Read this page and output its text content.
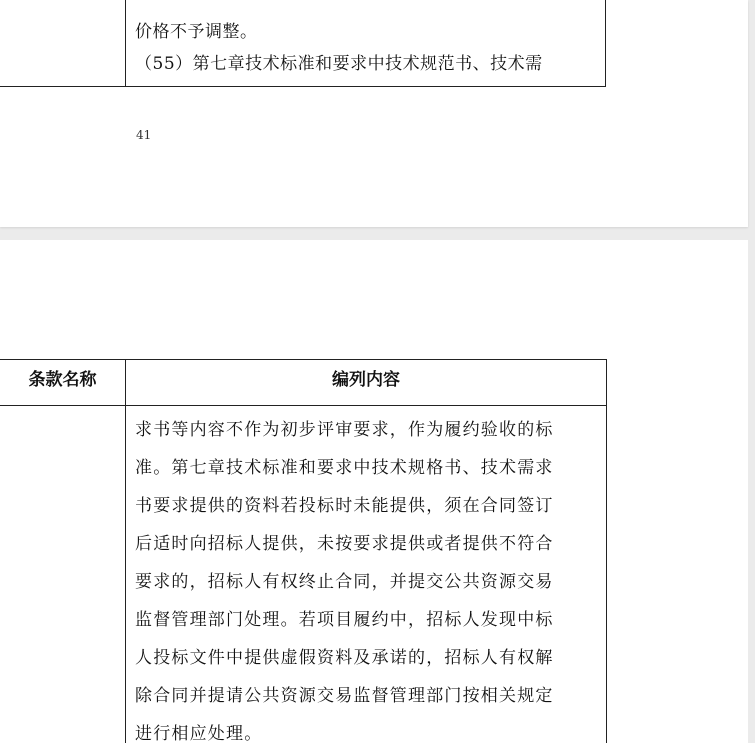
价格不予调整。
（55）第七章技术标准和要求中技术规范书、技术需
41
条款名称	编列内容
求书等内容不作为初步评审要求，作为履约验收的标
准。第七章技术标准和要求中技术规格书、技术需求
书要求提供的资料若投标时未能提供，须在合同签订
后适时向招标人提供，未按要求提供或者提供不符合
要求的，招标人有权终止合同，并提交公共资源交易
监督管理部门处理。若项目履约中，招标人发现中标
人投标文件中提供虚假资料及承诺的，招标人有权解
除合同并提请公共资源交易监督管理部门按相关规定
进行相应处理。
